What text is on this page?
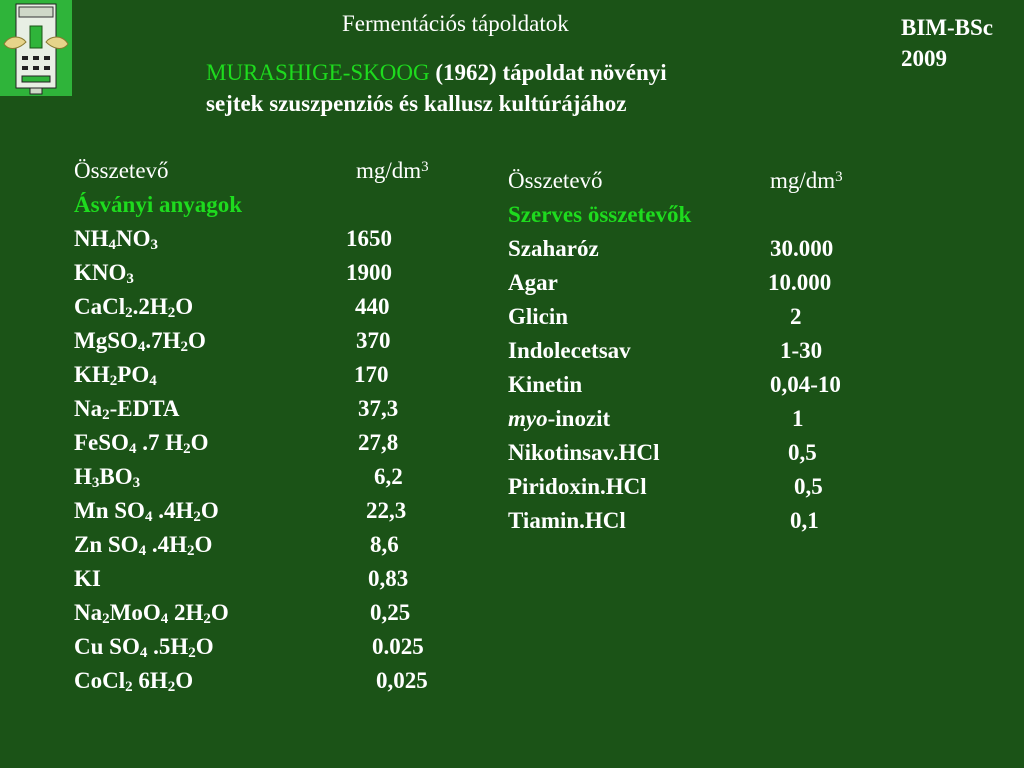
Fermentációs tápoldatok	BIM-BSc
2009
MURASHIGE-SKOOG (1962) tápoldat növényi
sejtek szuszpenziós és kallusz kultúrájához
Összetevő	$mg/dm^3$
Ásványi anyagok
$NH_4NO_3$	1650
$KNO_3$	1900
$CaCl_2.2H_2O$	440
$MgSO_4.7H_2O$	370
$KH_2PO_4$	170
$Na_2$-EDTA	37,3
FeSO$_4$ .7 $H_2O$	27,8
$H_3BO_3$	6,2
Mn $SO_4$ $.4H_2O$	22,3
Zn $SO_4$ $.4H_2O$	8,6
KI	0,83
$Na_2MoO_4$ $2H_2O$	0,25
Cu $SO_4$ $.5H_2O$	0.025
CoCl$_2$ $6H_2O$	0,025
Összetevő	$mg/dm^3$
Szerves összetevők
Szaharóz	30.000
Agar	10.000
Glicin	2
Indolecetsav	1-30
Kinetin	0,04-10
myo-inozit	1
Nikotinsav.HCl	0,5
Piridoxin.HCl	0,5
Tiamin.HCl	0,1
